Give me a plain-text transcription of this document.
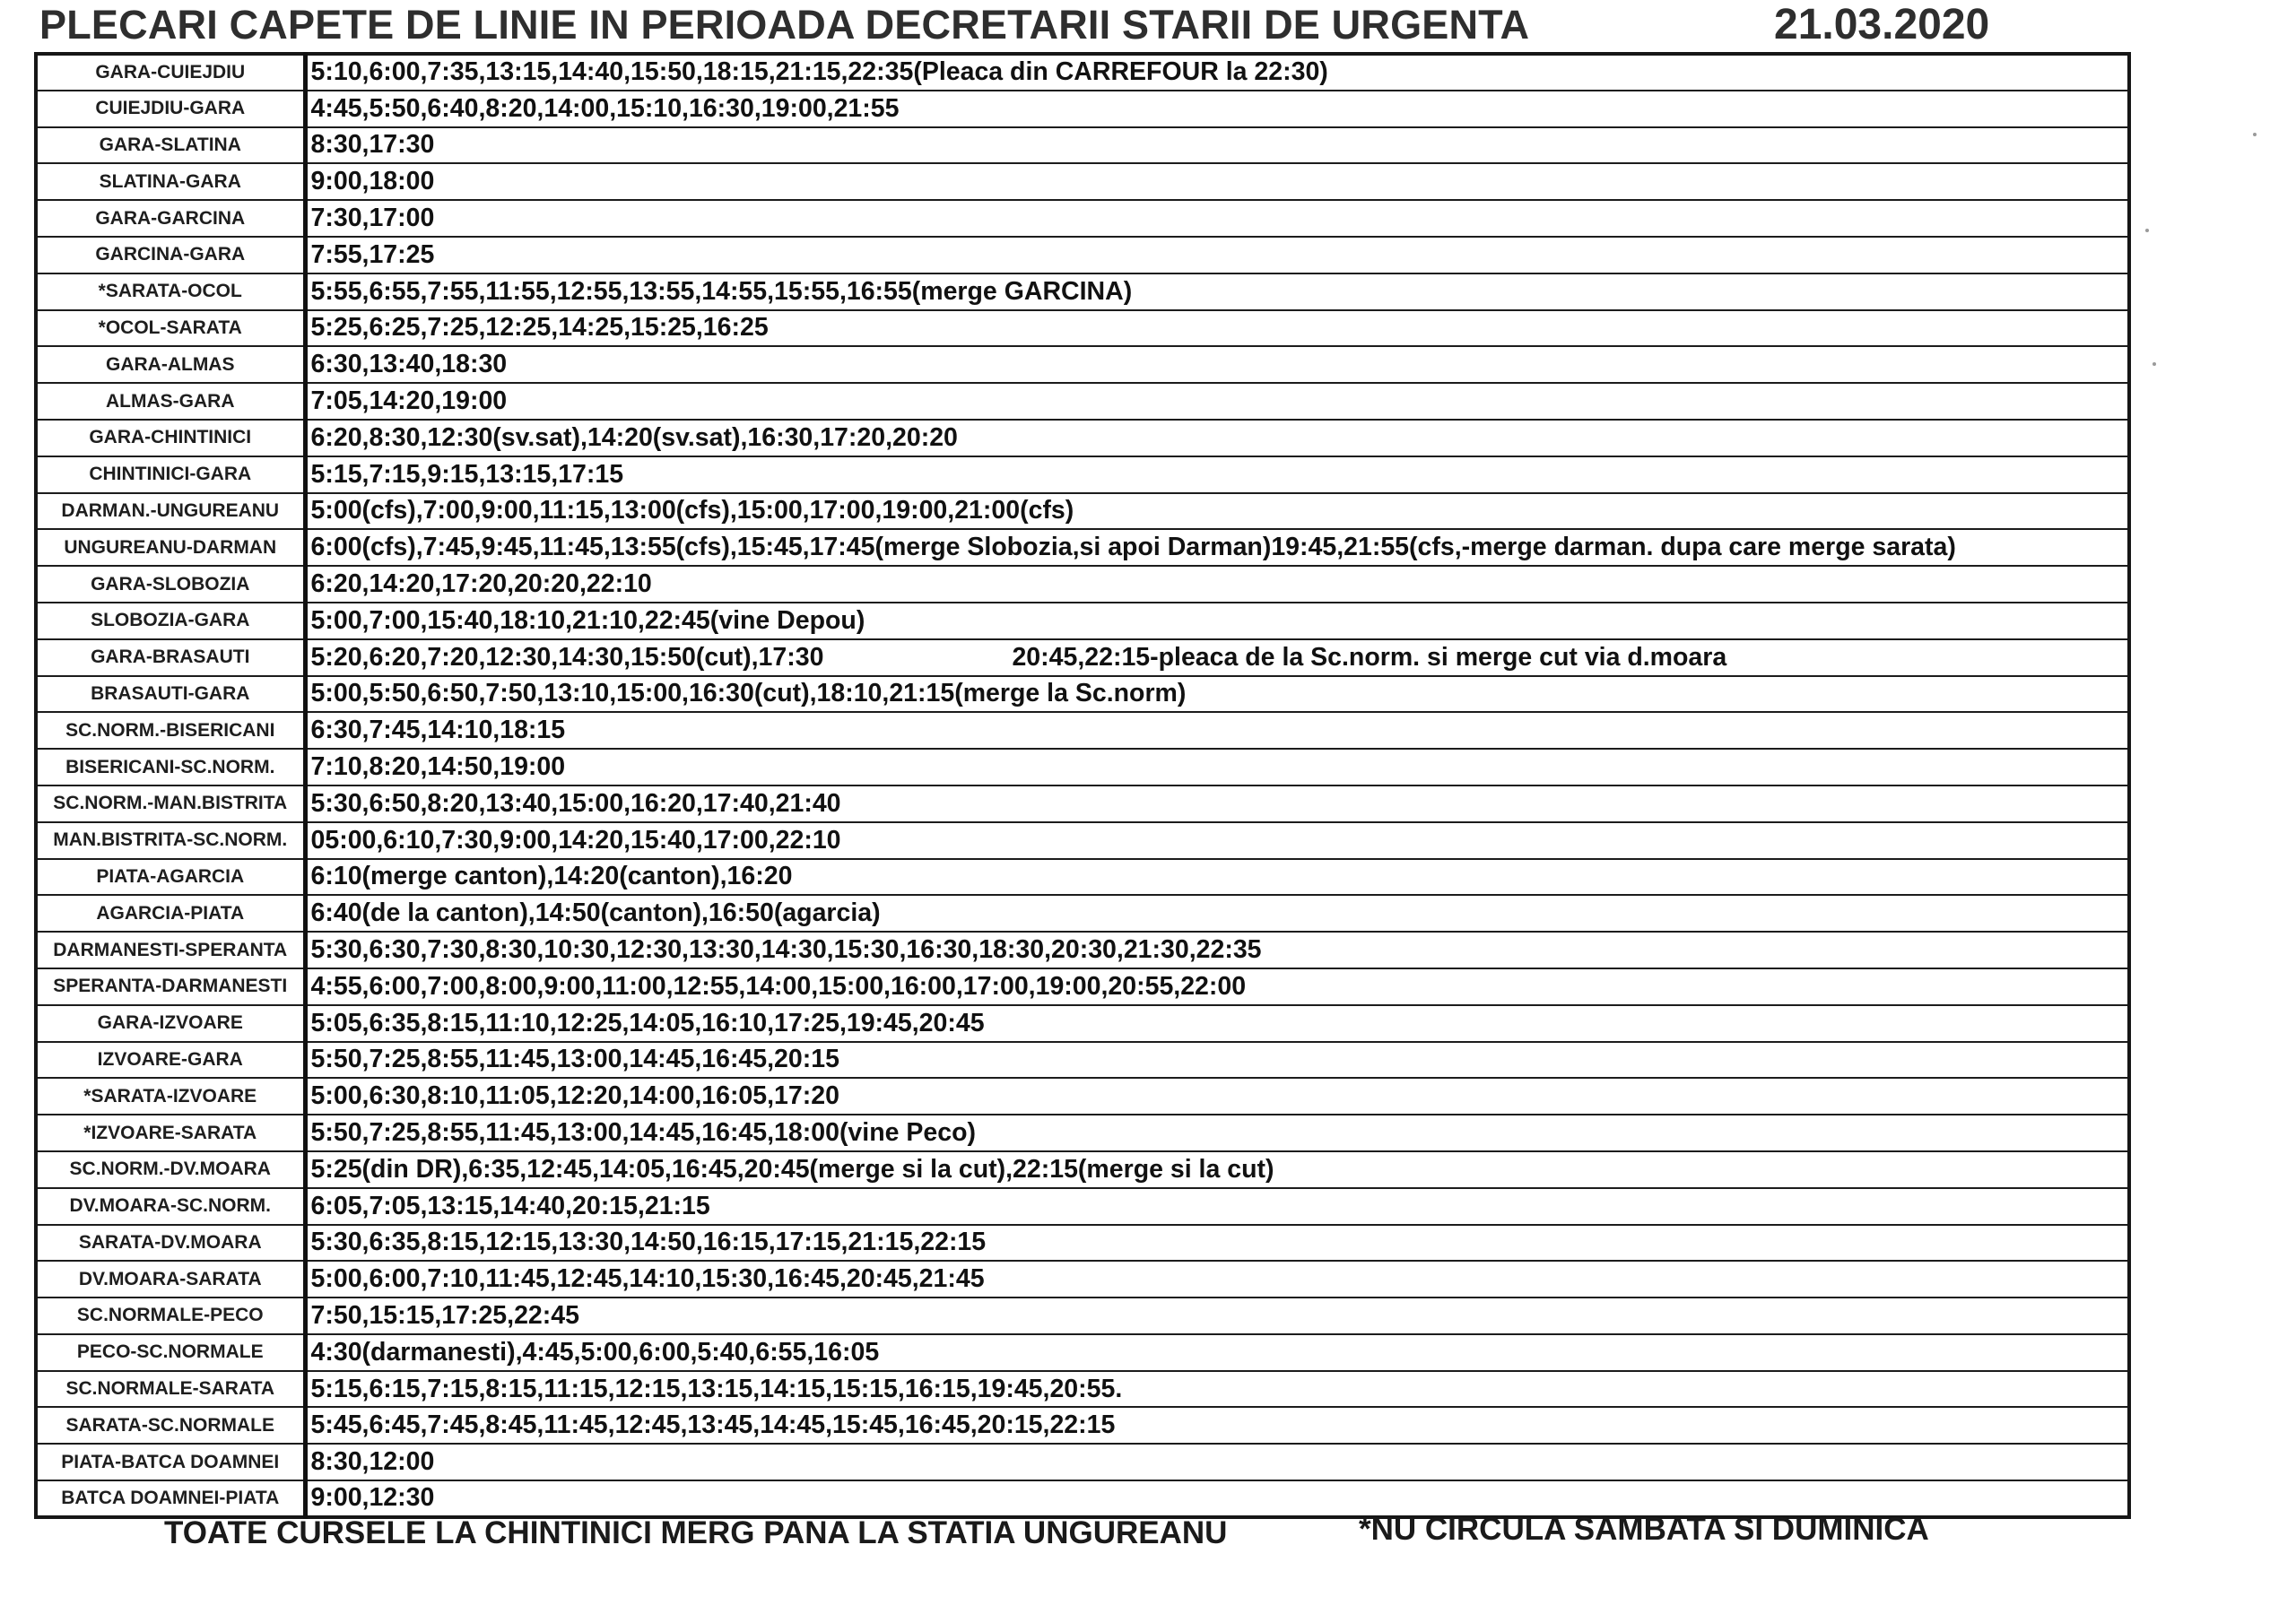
PLECARI CAPETE DE LINIE IN PERIOADA DECRETARII STARII DE URGENTA	21.03.2020
GARA-CUIEJDIU	5:10,6:00,7:35,13:15,14:40,15:50,18:15,21:15,22:35(Pleaca din CARREFOUR la 22:30)
CUIEJDIU-GARA	4:45,5:50,6:40,8:20,14:00,15:10,16:30,19:00,21:55
GARA-SLATINA	8:30,17:30
SLATINA-GARA	9:00,18:00
GARA-GARCINA	7:30,17:00
GARCINA-GARA	7:55,17:25
*SARATA-OCOL	5:55,6:55,7:55,11:55,12:55,13:55,14:55,15:55,16:55(merge GARCINA)
*OCOL-SARATA	5:25,6:25,7:25,12:25,14:25,15:25,16:25
GARA-ALMAS	6:30,13:40,18:30
ALMAS-GARA	7:05,14:20,19:00
GARA-CHINTINICI	6:20,8:30,12:30(sv.sat),14:20(sv.sat),16:30,17:20,20:20
CHINTINICI-GARA	5:15,7:15,9:15,13:15,17:15
DARMAN.-UNGUREANU	5:00(cfs),7:00,9:00,11:15,13:00(cfs),15:00,17:00,19:00,21:00(cfs)
UNGUREANU-DARMAN	6:00(cfs),7:45,9:45,11:45,13:55(cfs),15:45,17:45(merge Slobozia,si apoi Darman)19:45,21:55(cfs,-merge darman. dupa care merge sarata)
GARA-SLOBOZIA	6:20,14:20,17:20,20:20,22:10
SLOBOZIA-GARA	5:00,7:00,15:40,18:10,21:10,22:45(vine Depou)
GARA-BRASAUTI	5:20,6:20,7:20,12:30,14:30,15:50(cut),17:30 20:45,22:15-pleaca de la Sc.norm. si merge cut via d.moara
BRASAUTI-GARA	5:00,5:50,6:50,7:50,13:10,15:00,16:30(cut),18:10,21:15(merge la Sc.norm)
SC.NORM.-BISERICANI	6:30,7:45,14:10,18:15
BISERICANI-SC.NORM.	7:10,8:20,14:50,19:00
SC.NORM.-MAN.BISTRITA	5:30,6:50,8:20,13:40,15:00,16:20,17:40,21:40
MAN.BISTRITA-SC.NORM.	05:00,6:10,7:30,9:00,14:20,15:40,17:00,22:10
PIATA-AGARCIA	6:10(merge canton),14:20(canton),16:20
AGARCIA-PIATA	6:40(de la canton),14:50(canton),16:50(agarcia)
DARMANESTI-SPERANTA	5:30,6:30,7:30,8:30,10:30,12:30,13:30,14:30,15:30,16:30,18:30,20:30,21:30,22:35
SPERANTA-DARMANESTI	4:55,6:00,7:00,8:00,9:00,11:00,12:55,14:00,15:00,16:00,17:00,19:00,20:55,22:00
GARA-IZVOARE	5:05,6:35,8:15,11:10,12:25,14:05,16:10,17:25,19:45,20:45
IZVOARE-GARA	5:50,7:25,8:55,11:45,13:00,14:45,16:45,20:15
*SARATA-IZVOARE	5:00,6:30,8:10,11:05,12:20,14:00,16:05,17:20
*IZVOARE-SARATA	5:50,7:25,8:55,11:45,13:00,14:45,16:45,18:00(vine Peco)
SC.NORM.-DV.MOARA	5:25(din DR),6:35,12:45,14:05,16:45,20:45(merge si la cut),22:15(merge si la cut)
DV.MOARA-SC.NORM.	6:05,7:05,13:15,14:40,20:15,21:15
SARATA-DV.MOARA	5:30,6:35,8:15,12:15,13:30,14:50,16:15,17:15,21:15,22:15
DV.MOARA-SARATA	5:00,6:00,7:10,11:45,12:45,14:10,15:30,16:45,20:45,21:45
SC.NORMALE-PECO	7:50,15:15,17:25,22:45
PECO-SC.NORMALE	4:30(darmanesti),4:45,5:00,6:00,5:40,6:55,16:05
SC.NORMALE-SARATA	5:15,6:15,7:15,8:15,11:15,12:15,13:15,14:15,15:15,16:15,19:45,20:55.
SARATA-SC.NORMALE	5:45,6:45,7:45,8:45,11:45,12:45,13:45,14:45,15:45,16:45,20:15,22:15
PIATA-BATCA DOAMNEI	8:30,12:00
BATCA DOAMNEI-PIATA	9:00,12:30
TOATE CURSELE LA CHINTINICI MERG PANA LA STATIA UNGUREANU	*NU CIRCULA SAMBATA SI DUMINICA
